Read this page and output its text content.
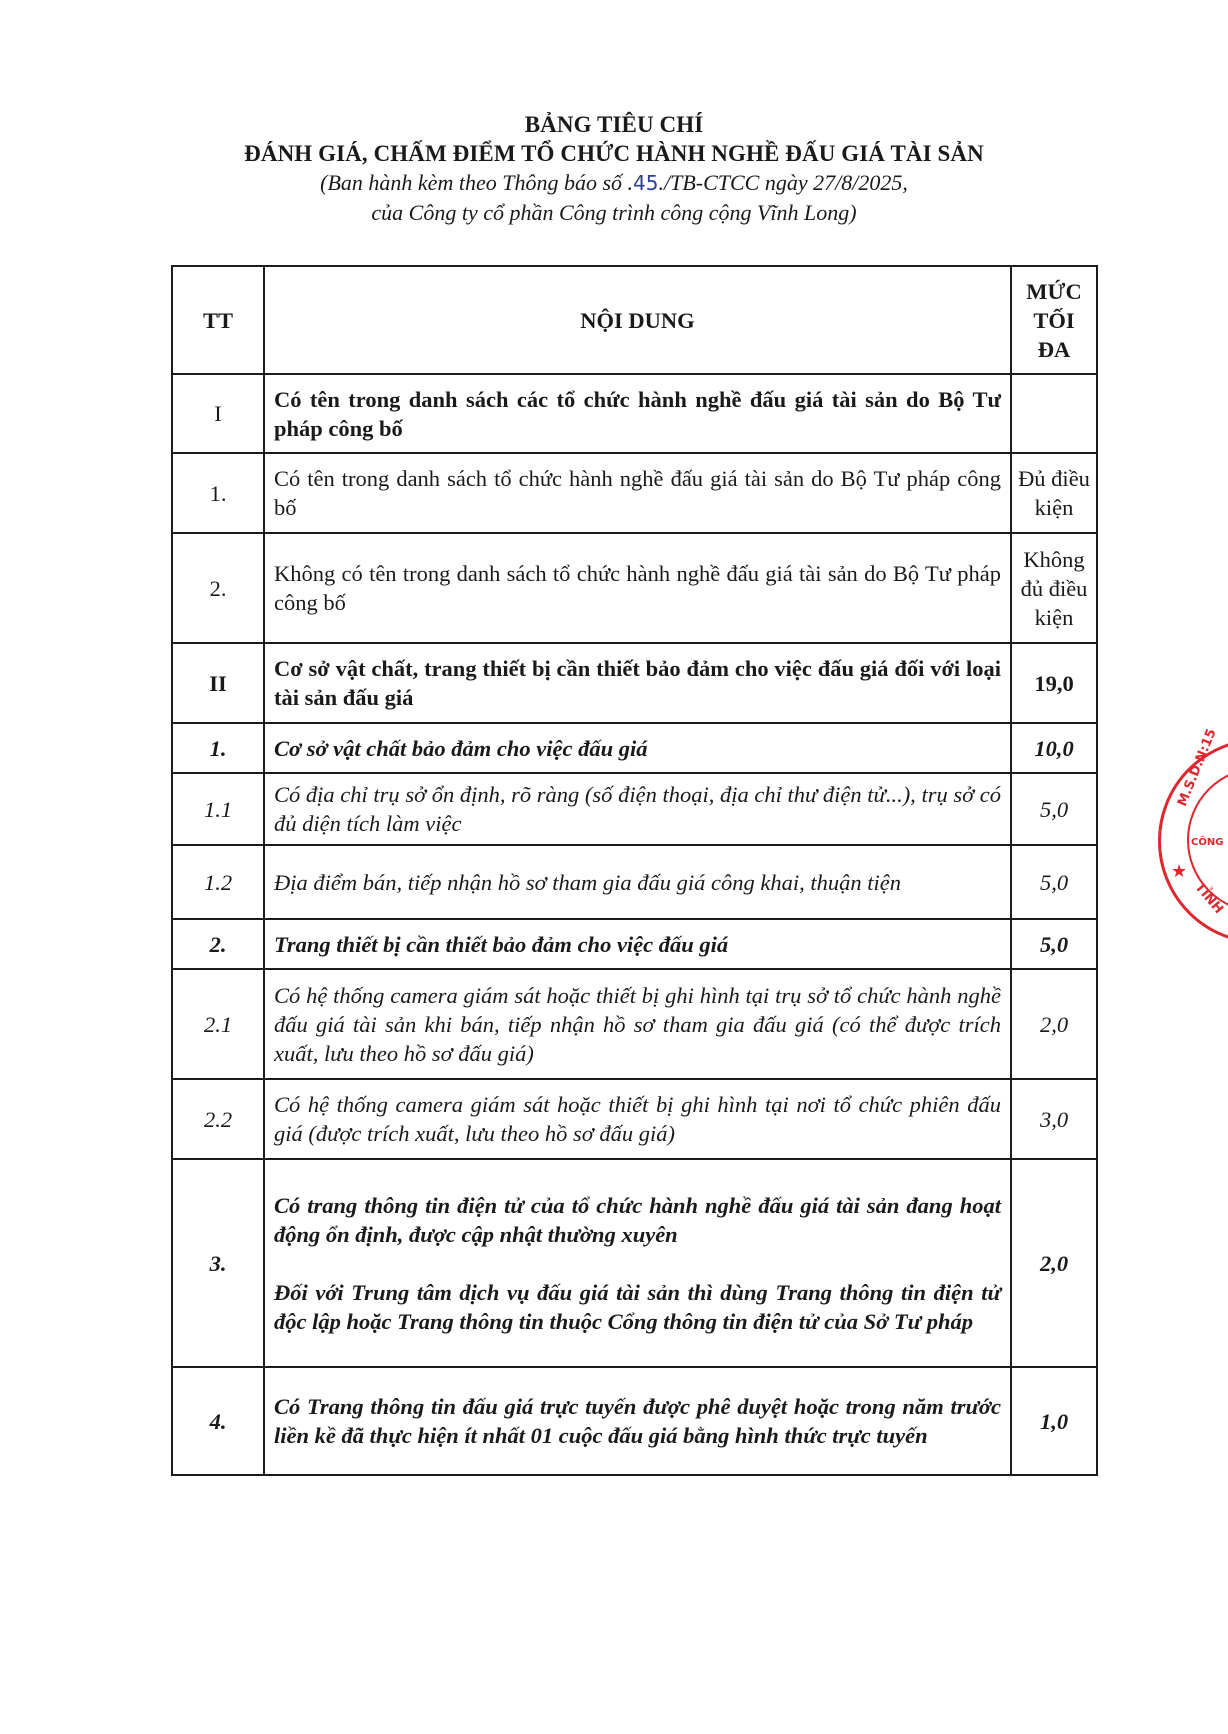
BẢNG TIÊU CHÍ
ĐÁNH GIÁ, CHẤM ĐIỂM TỔ CHỨC HÀNH NGHỀ ĐẤU GIÁ TÀI SẢN
(Ban hành kèm theo Thông báo số .45./TB-CTCC ngày 27/8/2025,
của Công ty cổ phần Công trình công cộng Vĩnh Long)
TT	NỘI DUNG	MỨC
TỐI
ĐA

I	Có tên trong danh sách các tổ chức hành nghề đấu giá tài sản do Bộ Tư pháp công bố	
1.	Có tên trong danh sách tổ chức hành nghề đấu giá tài sản do Bộ Tư pháp công bố	Đủ điều kiện
2.	Không có tên trong danh sách tổ chức hành nghề đấu giá tài sản do Bộ Tư pháp công bố	Không đủ điều kiện
II	Cơ sở vật chất, trang thiết bị cần thiết bảo đảm cho việc đấu giá đối với loại tài sản đấu giá	19,0
1.	Cơ sở vật chất bảo đảm cho việc đấu giá	10,0
1.1	Có địa chỉ trụ sở ổn định, rõ ràng (số điện thoại, địa chỉ thư điện tử...), trụ sở có đủ diện tích làm việc	5,0
1.2	Địa điểm bán, tiếp nhận hồ sơ tham gia đấu giá công khai, thuận tiện	5,0
2.	Trang thiết bị cần thiết bảo đảm cho việc đấu giá	5,0
2.1	Có hệ thống camera giám sát hoặc thiết bị ghi hình tại trụ sở tổ chức hành nghề đấu giá tài sản khi bán, tiếp nhận hồ sơ tham gia đấu giá (có thể được trích xuất, lưu theo hồ sơ đấu giá)	2,0
2.2	Có hệ thống camera giám sát hoặc thiết bị ghi hình tại nơi tổ chức phiên đấu giá (được trích xuất, lưu theo hồ sơ đấu giá)	3,0
3.	Có trang thông tin điện tử của tổ chức hành nghề đấu giá tài sản đang hoạt động ổn định, được cập nhật thường xuyên
Đối với Trung tâm dịch vụ đấu giá tài sản thì dùng Trang thông tin điện tử độc lập hoặc Trang thông tin thuộc Cổng thông tin điện tử của Sở Tư pháp	2,0
4.	Có Trang thông tin đấu giá trực tuyến được phê duyệt hoặc trong năm trước liền kề đã thực hiện ít nhất 01 cuộc đấu giá bằng hình thức trực tuyến	1,0
M.S.D.N:15
CÔNG
★
TỈNH
